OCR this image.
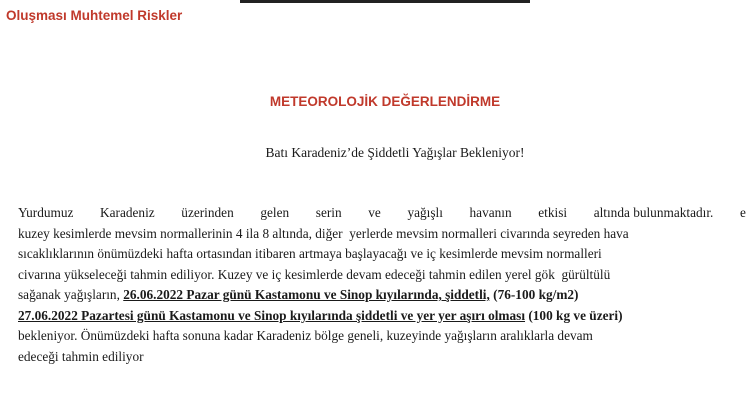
Oluşması Muhtemel Riskler
METEOROLOJİK DEĞERLENDİRME
Batı Karadeniz’de Şiddetli Yağışlar Bekleniyor!
Yurdumuz Karadeniz üzerinden gelen serin ve yağışlı havanın etkisi altında bulunmaktadır. e
kuzey kesimlerde mevsim normallerinin 4 ila 8 altında, diğer  yerlerde mevsim normalleri civarında seyreden hava
sıcaklıklarının önümüzdeki hafta ortasından itibaren artmaya başlayacağı ve iç kesimlerde mevsim normalleri
civarına yükseleceği tahmin ediliyor. Kuzey ve iç kesimlerde devam edeceği tahmin edilen yerel gök  gürültülü
sağanak yağışların, 26.06.2022 Pazar günü Kastamonu ve Sinop kıyılarında, şiddetli, (76-100 kg/m2)
27.06.2022 Pazartesi günü Kastamonu ve Sinop kıyılarında şiddetli ve yer yer aşırı olması (100 kg ve üzeri)
bekleniyor. Önümüzdeki hafta sonuna kadar Karadeniz bölge geneli, kuzeyinde yağışların aralıklarla devam
edeceği tahmin ediliyor
